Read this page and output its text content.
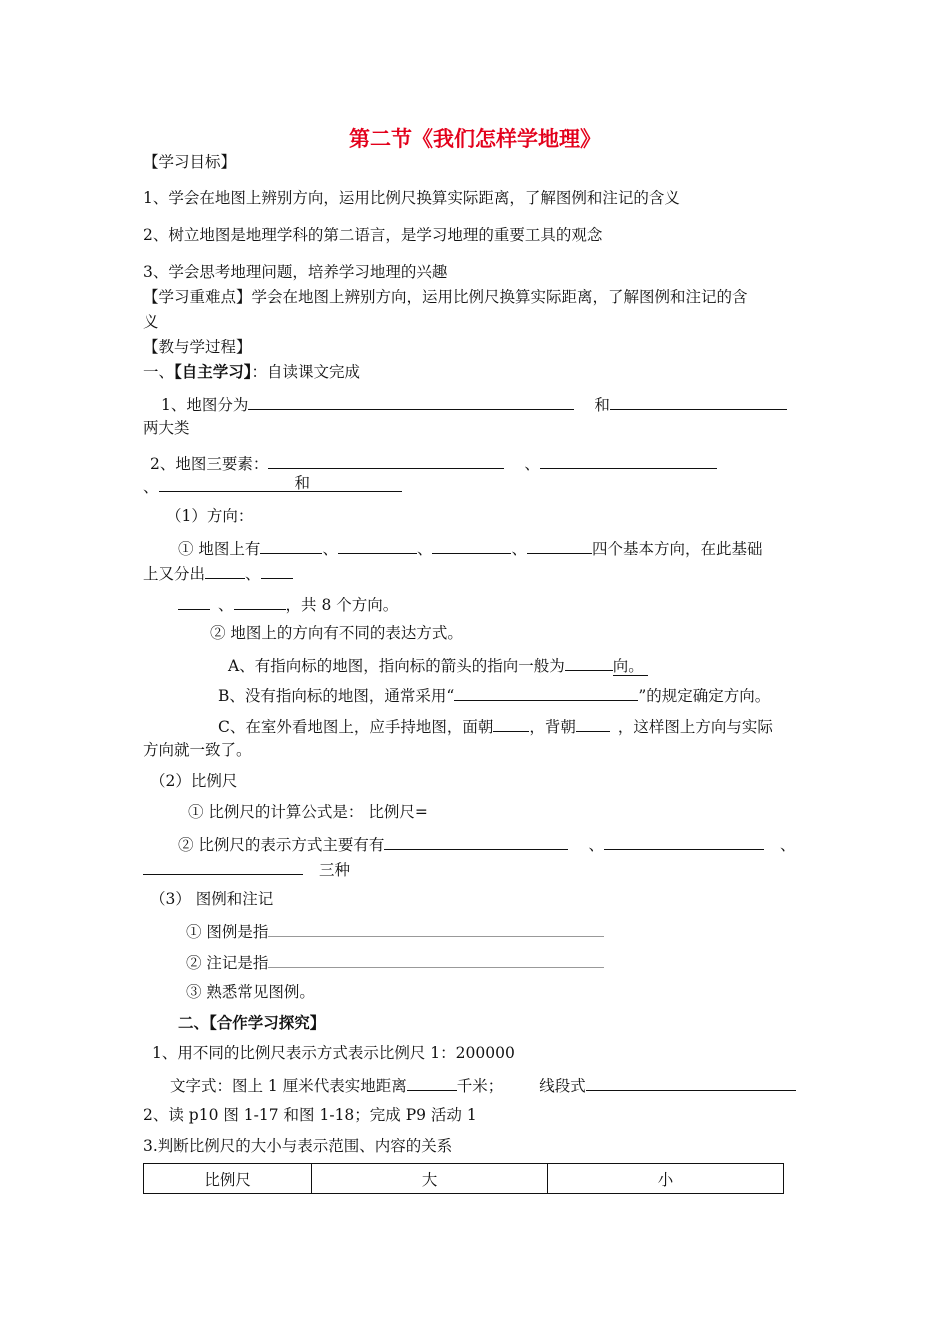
第二节《我们怎样学地理》
【学习目标】
1、学会在地图上辨别方向，运用比例尺换算实际距离，了解图例和注记的含义
2、树立地图是地理学科的第二语言，是学习地理的重要工具的观念
3、学会思考地理问题，培养学习地理的兴趣
【学习重难点】学会在地图上辨别方向，运用比例尺换算实际距离，了解图例和注记的含
义
【教与学过程】
一、【自主学习】：自读课文完成
1、地图分为	和
两大类
2、地图三要素：	、
、	和
（1）方向：
① 地图上有	、	、	、	四个基本方向，在此基础
上又分出	、
、	，共 8 个方向。
② 地图上的方向有不同的表达方式。
A、有指向标的地图，指向标的箭头的指向一般为	向。
B、没有指向标的地图，通常采用“	”的规定确定方向。
C、在室外看地图上，应手持地图，面朝 ，背朝	，这样图上方向与实际
方向就一致了。
（2）比例尺
① 比例尺的计算公式是： 比例尺=
② 比例尺的表示方式主要有有	、	、
三种
（3） 图例和注记
① 图例是指
② 注记是指
③ 熟悉常见图例。
二、【合作学习探究】
1、用不同的比例尺表示方式表示比例尺 1：200000
文字式：图上 1 厘米代表实地距离	千米； 线段式
2、读 p10 图 1-17 和图 1-18；完成 P9 活动 1
3.判断比例尺的大小与表示范围、内容的关系
比例尺	大	小
